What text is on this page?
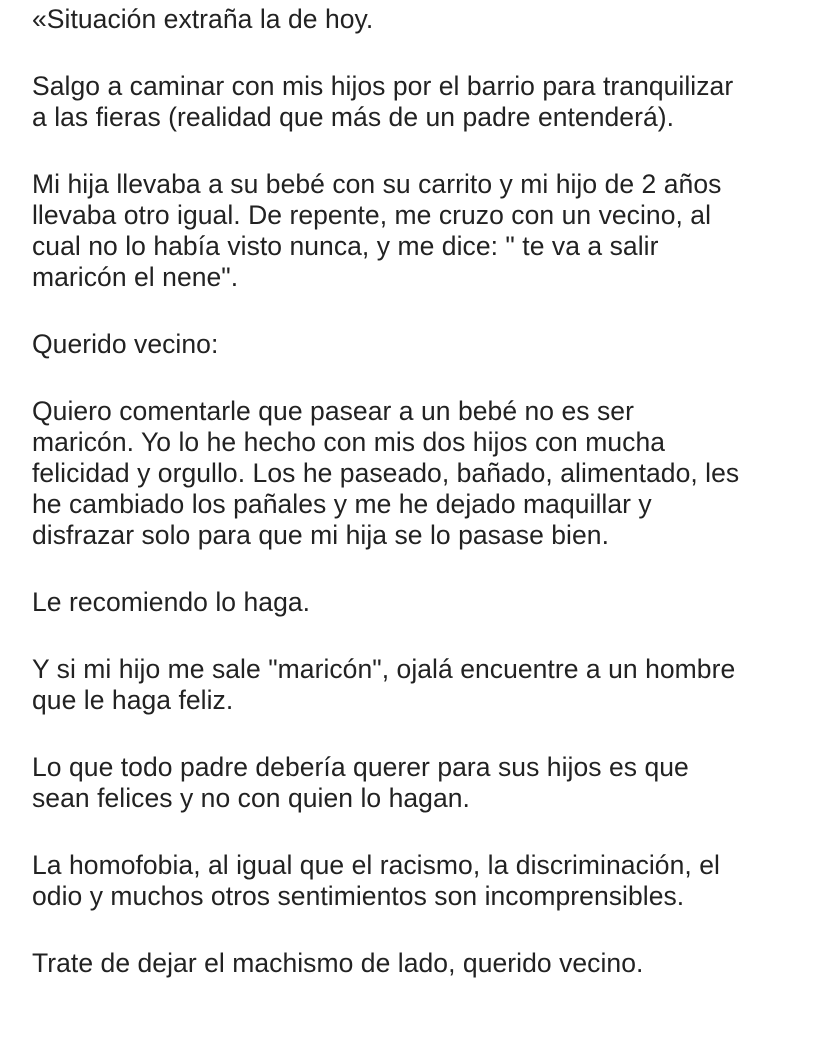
«Situación extraña la de hoy.

Salgo a caminar con mis hijos por el barrio para tranquilizar
a las fieras (realidad que más de un padre entenderá).

Mi hija llevaba a su bebé con su carrito y mi hijo de 2 años
llevaba otro igual. De repente, me cruzo con un vecino, al
cual no lo había visto nunca, y me dice: " te va a salir
maricón el nene".

Querido vecino:

Quiero comentarle que pasear a un bebé no es ser
maricón. Yo lo he hecho con mis dos hijos con mucha
felicidad y orgullo. Los he paseado, bañado, alimentado, les
he cambiado los pañales y me he dejado maquillar y
disfrazar solo para que mi hija se lo pasase bien.

Le recomiendo lo haga.

Y si mi hijo me sale "maricón", ojalá encuentre a un hombre
que le haga feliz.

Lo que todo padre debería querer para sus hijos es que
sean felices y no con quien lo hagan.

La homofobia, al igual que el racismo, la discriminación, el
odio y muchos otros sentimientos son incomprensibles.

Trate de dejar el machismo de lado, querido vecino.
